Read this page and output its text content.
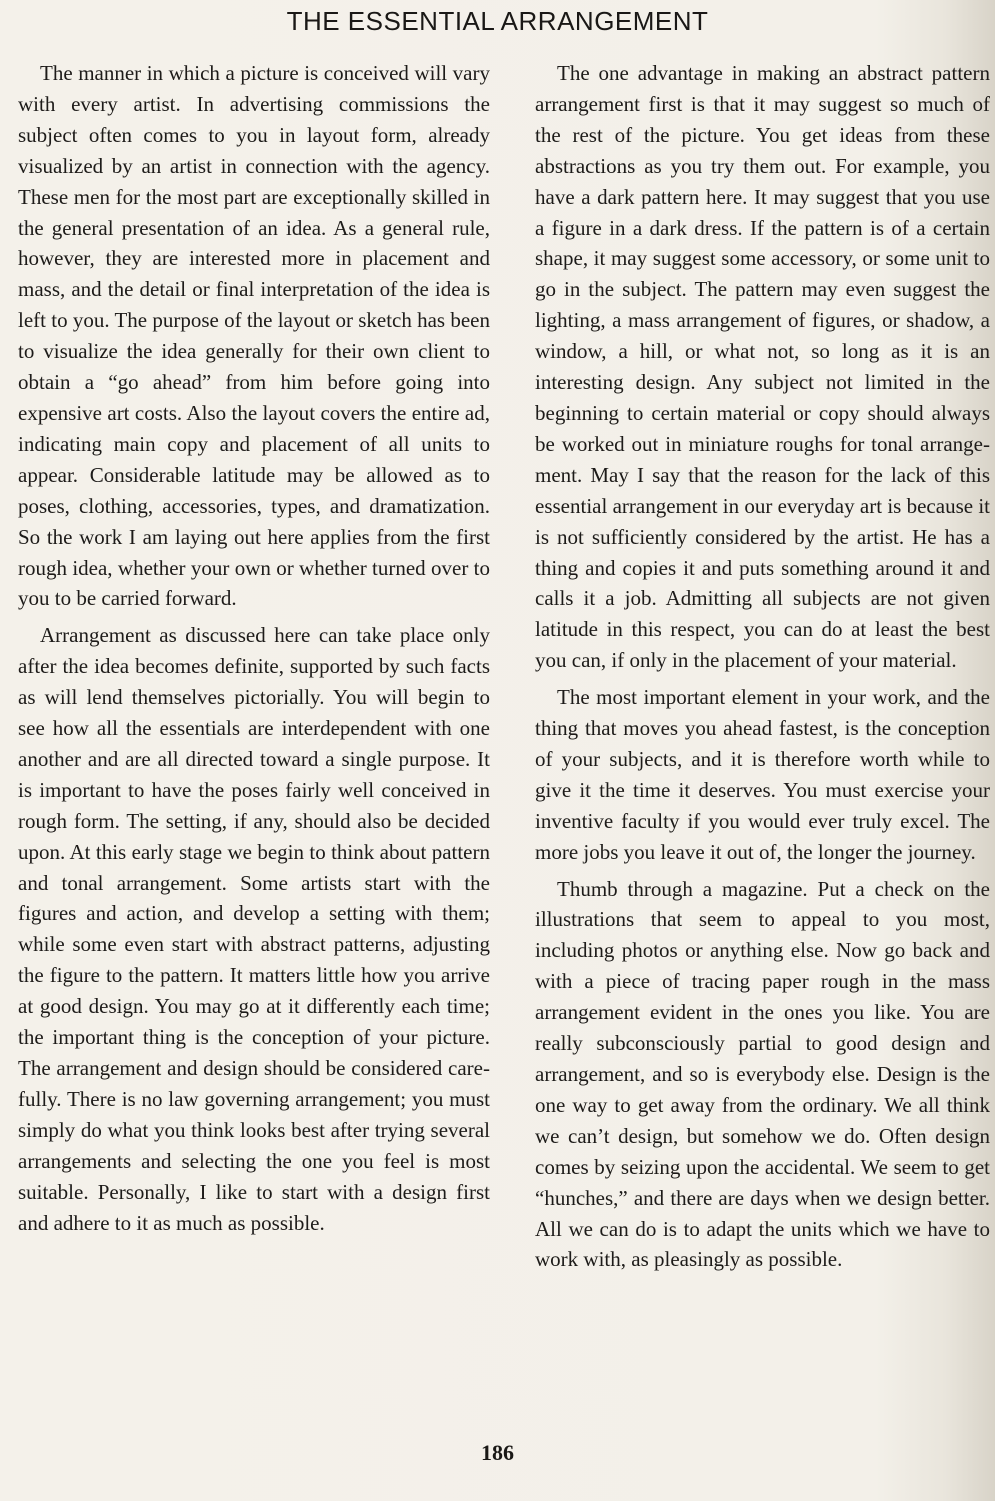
THE ESSENTIAL ARRANGEMENT

The manner in which a picture is conceived will vary with every artist. In advertising commissions the subject often comes to you in layout form, already visualized by an artist in connection with the agency. These men for the most part are exceptionally skilled in the general presentation of an idea. As a general rule, however, they are interested more in placement and mass, and the detail or final interpretation of the idea is left to you. The purpose of the layout or sketch has been to visualize the idea generally for their own client to obtain a “go ahead” from him before going into expensive art costs. Also the layout covers the entire ad, indicating main copy and placement of all units to appear. Considerable latitude may be allowed as to poses, clothing, accessories, types, and dramatization. So the work I am laying out here applies from the first rough idea, whether your own or whether turned over to you to be carried forward.

Arrangement as discussed here can take place only after the idea becomes definite, supported by such facts as will lend themselves pictorially. You will begin to see how all the essentials are interdependent with one another and are all directed toward a single purpose. It is important to have the poses fairly well conceived in rough form. The setting, if any, should also be decided upon. At this early stage we begin to think about pattern and tonal arrangement. Some artists start with the figures and action, and develop a setting with them; while some even start with abstract patterns, adjusting the figure to the pattern. It matters little how you arrive at good design. You may go at it differently each time; the important thing is the conception of your picture. The arrangement and design should be considered carefully. There is no law governing arrangement; you must simply do what you think looks best after trying several arrangements and selecting the one you feel is most suitable. Personally, I like to start with a design first and adhere to it as much as possible.

The one advantage in making an abstract pattern arrangement first is that it may suggest so much of the rest of the picture. You get ideas from these abstractions as you try them out. For example, you have a dark pattern here. It may suggest that you use a figure in a dark dress. If the pattern is of a certain shape, it may suggest some accessory, or some unit to go in the subject. The pattern may even suggest the lighting, a mass arrangement of figures, or shadow, a window, a hill, or what not, so long as it is an interesting design. Any subject not limited in the beginning to certain material or copy should always be worked out in miniature roughs for tonal arrangement. May I say that the reason for the lack of this essential arrangement in our everyday art is because it is not sufficiently considered by the artist. He has a thing and copies it and puts something around it and calls it a job. Admitting all subjects are not given latitude in this respect, you can do at least the best you can, if only in the placement of your material.

The most important element in your work, and the thing that moves you ahead fastest, is the conception of your subjects, and it is therefore worth while to give it the time it deserves. You must exercise your inventive faculty if you would ever truly excel. The more jobs you leave it out of, the longer the journey.

Thumb through a magazine. Put a check on the illustrations that seem to appeal to you most, including photos or anything else. Now go back and with a piece of tracing paper rough in the mass arrangement evident in the ones you like. You are really subconsciously partial to good design and arrangement, and so is everybody else. Design is the one way to get away from the ordinary. We all think we can’t design, but somehow we do. Often design comes by seizing upon the accidental. We seem to get “hunches,” and there are days when we design better. All we can do is to adapt the units which we have to work with, as pleasingly as possible.

186
